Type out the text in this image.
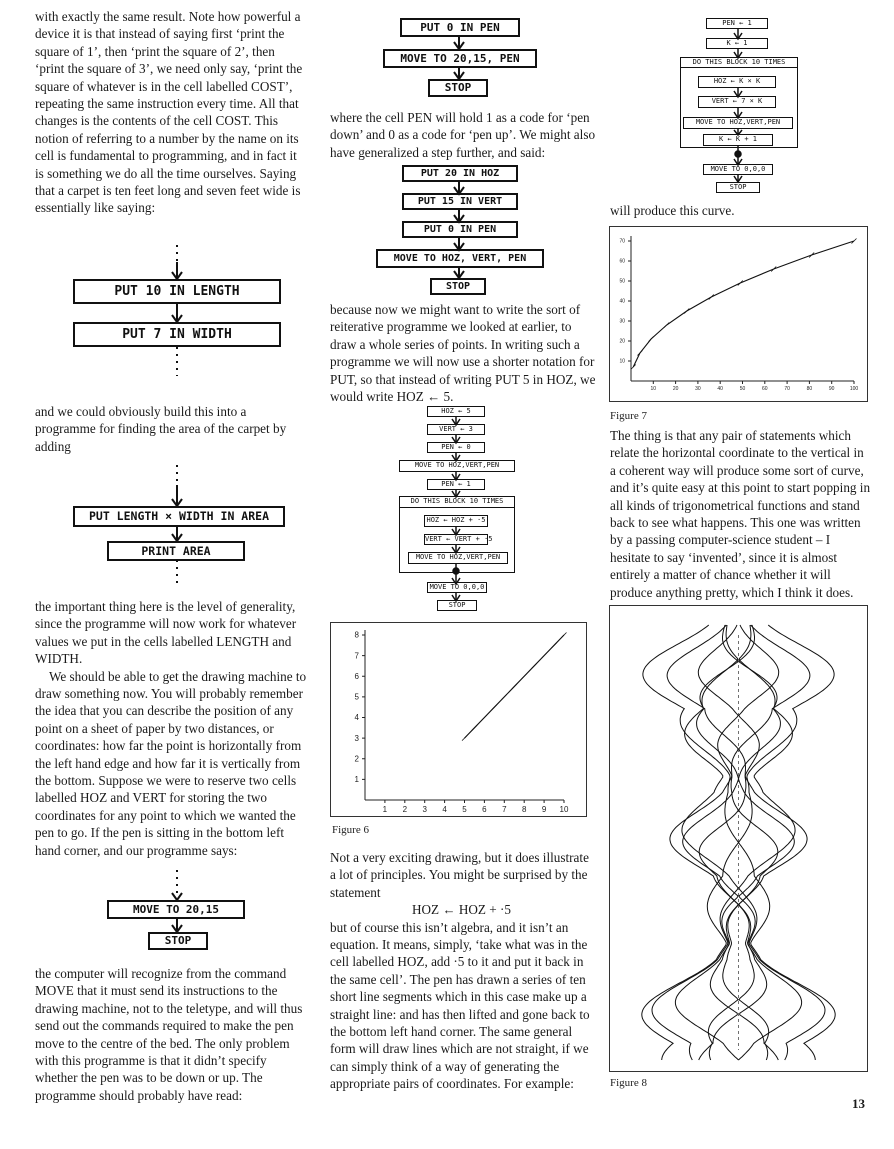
with exactly the same result. Note how powerful a device it is that instead of saying first ‘print the square of 1’, then ‘print the square of 2’, then ‘print the square of 3’, we need only say, ‘print the square of whatever is in the cell labelled COST’, repeating the same instruction every time. All that changes is the contents of the cell COST. This notion of referring to a number by the name on its cell is fundamental to programming, and in fact it is something we do all the time ourselves. Saying that a carpet is ten feet long and seven feet wide is essentially like saying:

PUT 10 IN LENGTH
PUT 7 IN WIDTH

and we could obviously build this into a programme for finding the area of the carpet by adding

PUT LENGTH × WIDTH IN AREA
PRINT AREA

the important thing here is the level of generality, since the programme will now work for whatever values we put in the cells labelled LENGTH and WIDTH.

We should be able to get the drawing machine to draw something now. You will probably remember the idea that you can describe the position of any point on a sheet of paper by two distances, or coordinates: how far the point is horizontally from the left hand edge and how far it is vertically from the bottom. Suppose we were to reserve two cells labelled HOZ and VERT for storing the two coordinates for any point to which we wanted the pen to go. If the pen is sitting in the bottom left hand corner, and our programme says:

MOVE TO 20,15
STOP

the computer will recognize from the command MOVE that it must send its instructions to the drawing machine, not to the teletype, and will thus send out the commands required to make the pen move to the centre of the bed. The only problem with this programme is that it didn’t specify whether the pen was to be down or up. The programme should probably have read:

PUT 0 IN PEN
MOVE TO 20,15, PEN
STOP

where the cell PEN will hold 1 as a code for ‘pen down’ and 0 as a code for ‘pen up’. We might also have generalized a step further, and said:

PUT 20 IN HOZ
PUT 15 IN VERT
PUT 0 IN PEN
MOVE TO HOZ, VERT, PEN
STOP

because now we might want to write the sort of reiterative programme we looked at earlier, to draw a whole series of points. In writing such a programme we will now use a shorter notation for PUT, so that instead of writing PUT 5 in HOZ, we would write HOZ ← 5.

HOZ ← 5
VERT ← 3
PEN ← 0
MOVE TO HOZ,VERT,PEN
PEN ← 1
DO THIS BLOCK 10 TIMES
HOZ ← HOZ + ·5
VERT ← VERT + ·5
MOVE TO HOZ,VERT,PEN
MOVE TO 0,0,0
STOP
1 2 3 4 5 6 7 8 9 10
1
2
3
4
5
6
7
8
Figure 6

Not a very exciting drawing, but it does illustrate a lot of principles. You might be surprised by the statement

HOZ ← HOZ + ·5

but of course this isn’t algebra, and it isn’t an equation. It means, simply, ‘take what was in the cell labelled HOZ, add ·5 to it and put it back in the same cell’. The pen has drawn a series of ten short line segments which in this case make up a straight line: and has then lifted and gone back to the bottom left hand corner. The same general form will draw lines which are not straight, if we can simply think of a way of generating the appropriate pairs of coordinates. For example:

PEN ← 1
K ← 1
DO THIS BLOCK 10 TIMES
HOZ ← K × K
VERT ← 7 × K
MOVE TO HOZ,VERT,PEN
K ← K + 1
MOVE TO 0,0,0
STOP

will produce this curve.

10	20	30	40	50	60	70	80	90	100
10
20
30
40
50
60
70
Figure 7

The thing is that any pair of statements which relate the horizontal coordinate to the vertical in a coherent way will produce some sort of curve, and it’s quite easy at this point to start popping in all kinds of trigonometrical functions and stand back to see what happens. This one was written by a passing computer-science student – I hesitate to say ‘invented’, since it is almost entirely a matter of chance whether it will produce anything pretty, which I think it does.

Figure 8
13
